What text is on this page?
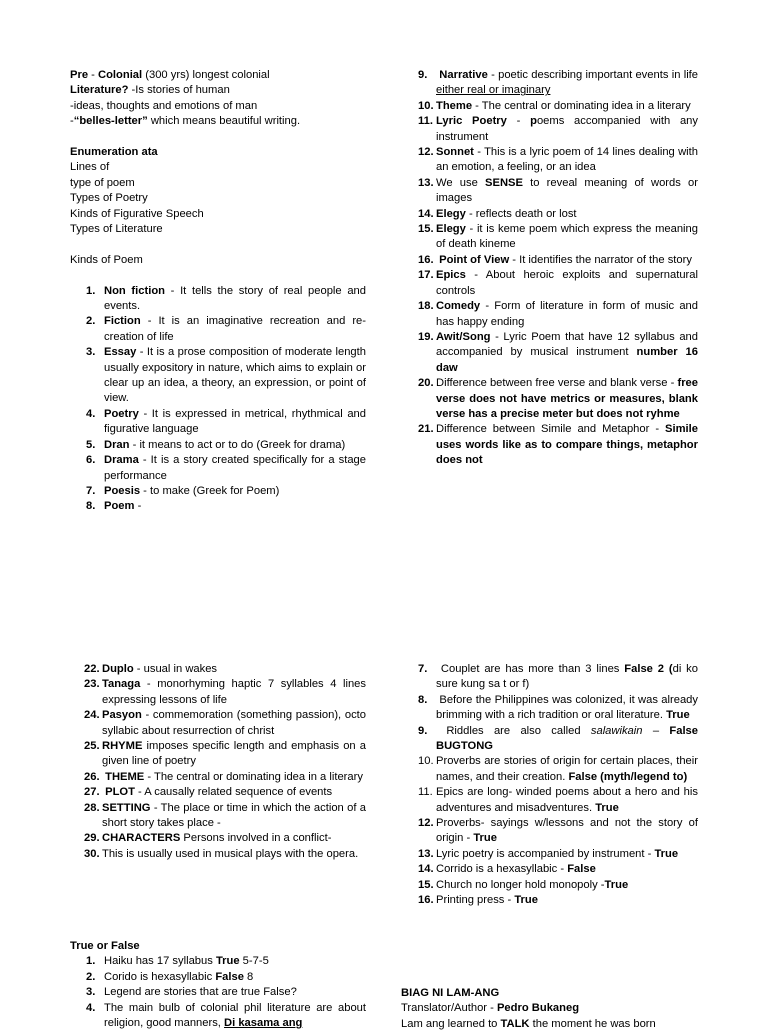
Pre - Colonial (300 yrs) longest colonial
Literature? -Is stories of human
-ideas, thoughts and emotions of man
-“belles-letter” which means beautiful writing.
Enumeration ata
Lines of
type of poem
Types of Poetry
Kinds of Figurative Speech
Types of Literature
Kinds of Poem
1. Non fiction - It tells the story of real people and events.
2. Fiction - It is an imaginative recreation and re-creation of life
3. Essay - It is a prose composition of moderate length usually expository in nature, which aims to explain or clear up an idea, a theory, an expression, or point of view.
4. Poetry - It is expressed in metrical, rhythmical and figurative language
5. Dran - it means to act or to do (Greek for drama)
6. Drama - It is a story created specifically for a stage performance
7. Poesis - to make (Greek for Poem)
8. Poem -
9. Narrative - poetic describing important events in life either real or imaginary
10. Theme - The central or dominating idea in a literary
11. Lyric Poetry - poems accompanied with any instrument
12. Sonnet - This is a lyric poem of 14 lines dealing with an emotion, a feeling, or an idea
13. We use SENSE to reveal meaning of words or images
14. Elegy - reflects death or lost
15. Elegy - it is keme poem which express the meaning of death kineme
16. Point of View - It identifies the narrator of the story
17. Epics - About heroic exploits and supernatural controls
18. Comedy - Form of literature in form of music and has happy ending
19. Awit/Song - Lyric Poem that have 12 syllabus and accompanied by musical instrument number 16 daw
20. Difference between free verse and blank verse - free verse does not have metrics or measures, blank verse has a precise meter but does not ryhme
21. Difference between Simile and Metaphor - Simile uses words like as to compare things, metaphor does not
22. Duplo - usual in wakes
23. Tanaga - monorhyming haptic 7 syllables 4 lines expressing lessons of life
24. Pasyon - commemoration (something passion), octo syllabic about resurrection of christ
25. RHYME imposes specific length and emphasis on a given line of poetry
26. THEME - The central or dominating idea in a literary
27. PLOT - A causally related sequence of events
28. SETTING - The place or time in which the action of a short story takes place -
29. CHARACTERS Persons involved in a conflict-
30. This is usually used in musical plays with the opera.
True or False
1. Haiku has 17 syllabus True 5-7-5
2. Corido is hexasyllabic False 8
3. Legend are stories that are true False?
4. The main bulb of colonial phil literature are about religion, good manners, Di kasama ang
7. Couplet are has more than 3 lines False 2 (di ko sure kung sa t or f)
8. Before the Philippines was colonized, it was already brimming with a rich tradition or oral literature. True
9. Riddles are also called salawikain – False BUGTONG
10. Proverbs are stories of origin for certain places, their names, and their creation. False (myth/legend to)
11. Epics are long- winded poems about a hero and his adventures and misadventures. True
12. Proverbs- sayings w/lessons and not the story of origin - True
13. Lyric poetry is accompanied by instrument - True
14. Corrido is a hexasyllabic - False
15. Church no longer hold monopoly -True
16. Printing press - True
BIAG NI LAM-ANG
Translator/Author - Pedro Bukaneg
Lam ang learned to TALK the moment he was born
